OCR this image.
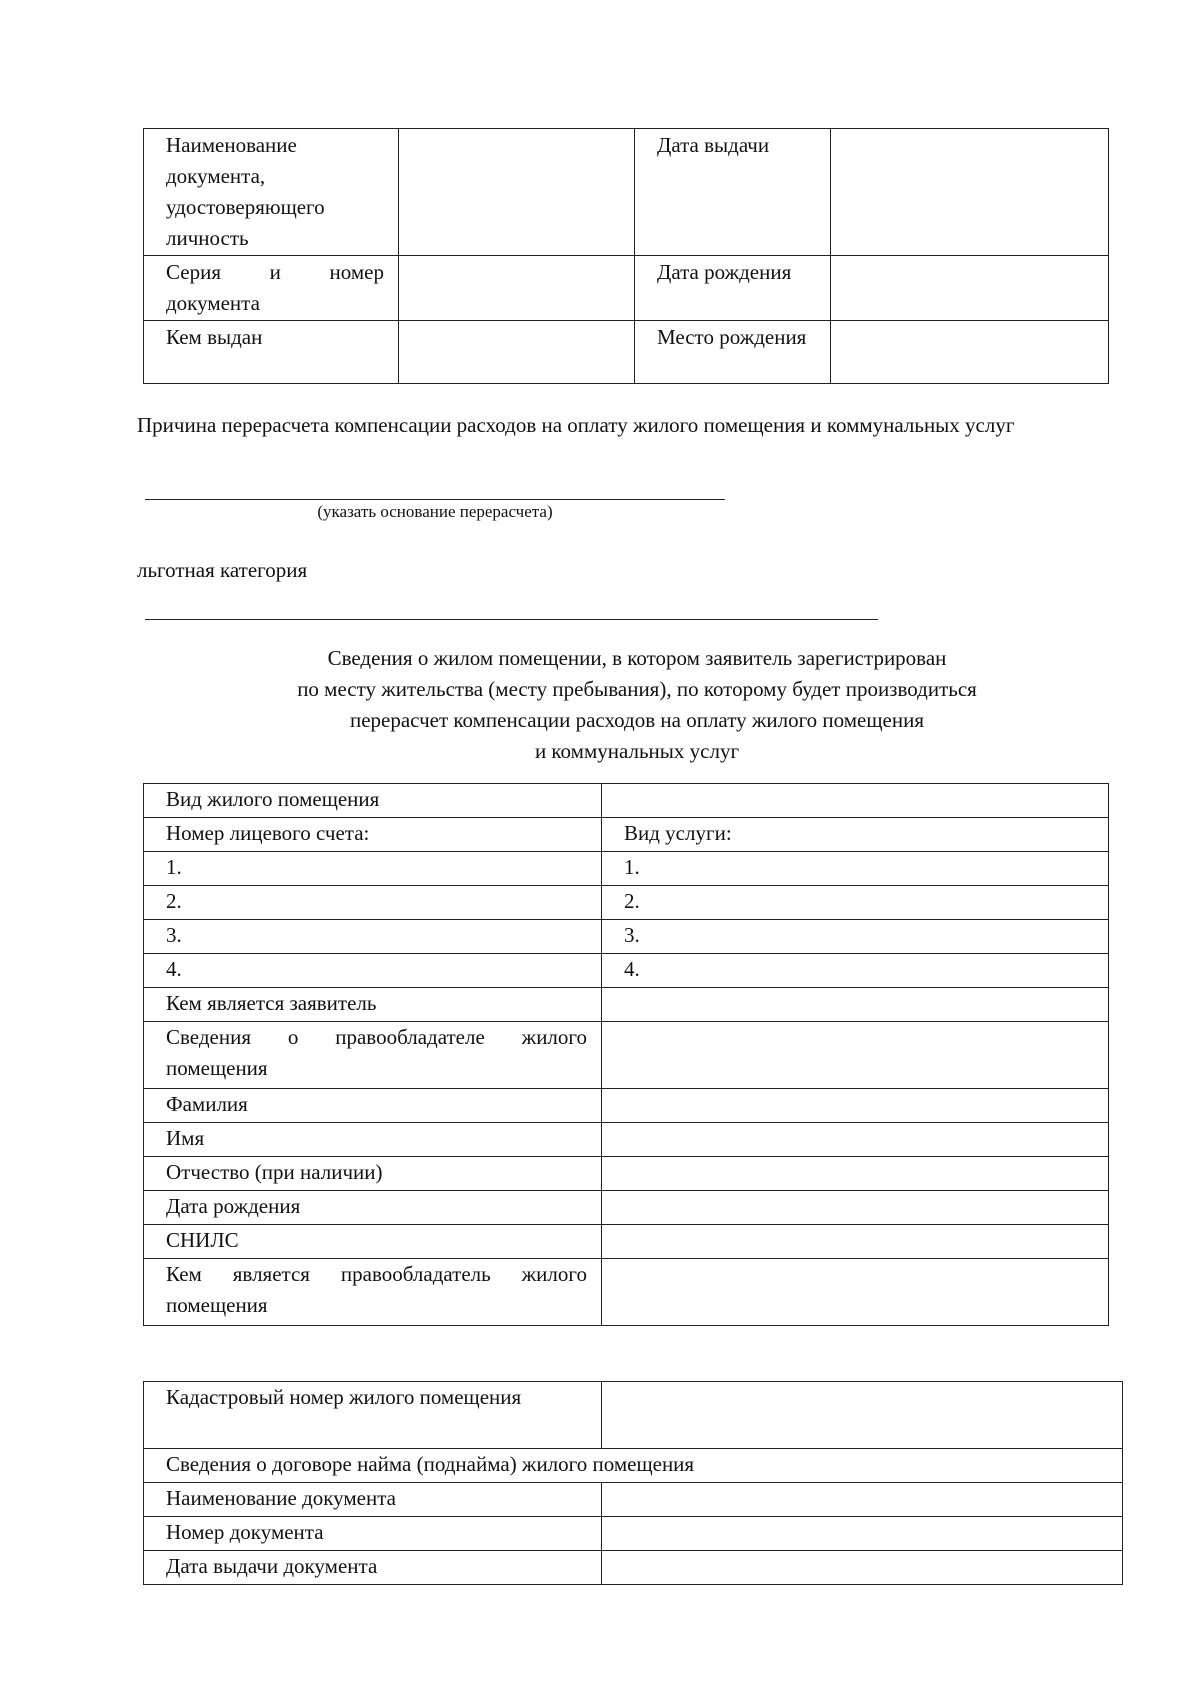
Наименование документа, удостоверяющего личность		Дата выдачи	

Серия и номер
документа		Дата рождения	
Кем выдан		Место рождения	
Причина перерасчета компенсации расходов на оплату жилого помещения и коммунальных услуг
(указать основание перерасчета)
льготная категория
Сведения о жилом помещении, в котором заявитель зарегистрирован
по месту жительства (месту пребывания), по которому будет производиться
перерасчет компенсации расходов на оплату жилого помещения
и коммунальных услуг
Вид жилого помещения	
Номер лицевого счета:	Вид услуги:
1.	1.
2.	2.
3.	3.
4.	4.
Кем является заявитель	
Сведения о правообладателе жилого помещения	
Фамилия	
Имя	
Отчество (при наличии)	
Дата рождения	
СНИЛС	
Кем является правообладатель жилого помещения	
Кадастровый номер жилого помещения	
Сведения о договоре найма (поднайма) жилого помещения	
Наименование документа	
Номер документа	
Дата выдачи документа	
